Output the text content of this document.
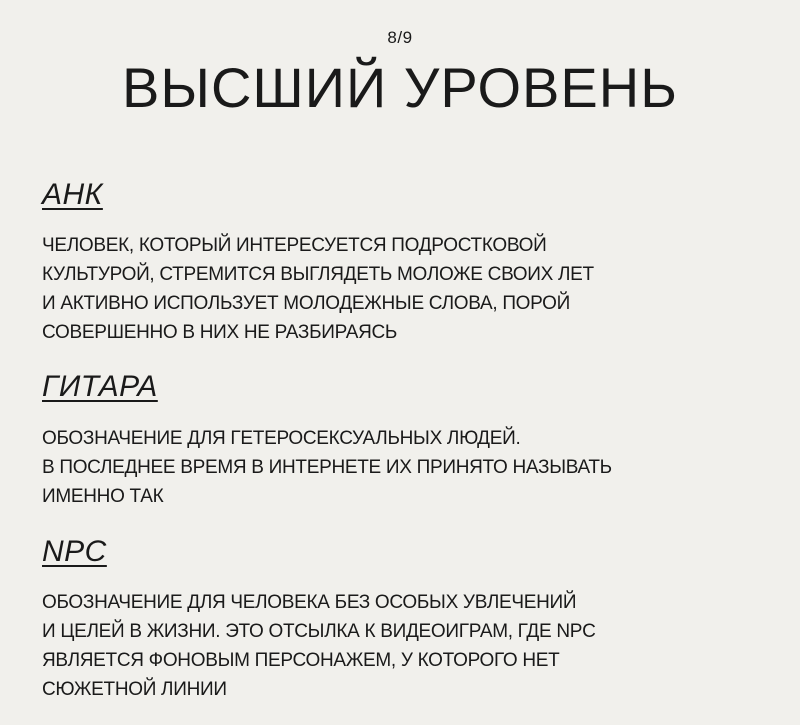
8/9
ВЫСШИЙ УРОВЕНЬ
АНК
ЧЕЛОВЕК, КОТОРЫЙ ИНТЕРЕСУЕТСЯ ПОДРОСТКОВОЙ
КУЛЬТУРОЙ, СТРЕМИТСЯ ВЫГЛЯДЕТЬ МОЛОЖЕ СВОИХ ЛЕТ
И АКТИВНО ИСПОЛЬЗУЕТ МОЛОДЕЖНЫЕ СЛОВА, ПОРОЙ
СОВЕРШЕННО В НИХ НЕ РАЗБИРАЯСЬ
ГИТАРА
ОБОЗНАЧЕНИЕ ДЛЯ ГЕТЕРОСЕКСУАЛЬНЫХ ЛЮДЕЙ.
В ПОСЛЕДНЕЕ ВРЕМЯ В ИНТЕРНЕТЕ ИХ ПРИНЯТО НАЗЫВАТЬ
ИМЕННО ТАК
NPC
ОБОЗНАЧЕНИЕ ДЛЯ ЧЕЛОВЕКА БЕЗ ОСОБЫХ УВЛЕЧЕНИЙ
И ЦЕЛЕЙ В ЖИЗНИ. ЭТО ОТСЫЛКА К ВИДЕОИГРАМ, ГДЕ NPC
ЯВЛЯЕТСЯ ФОНОВЫМ ПЕРСОНАЖЕМ, У КОТОРОГО НЕТ
СЮЖЕТНОЙ ЛИНИИ
